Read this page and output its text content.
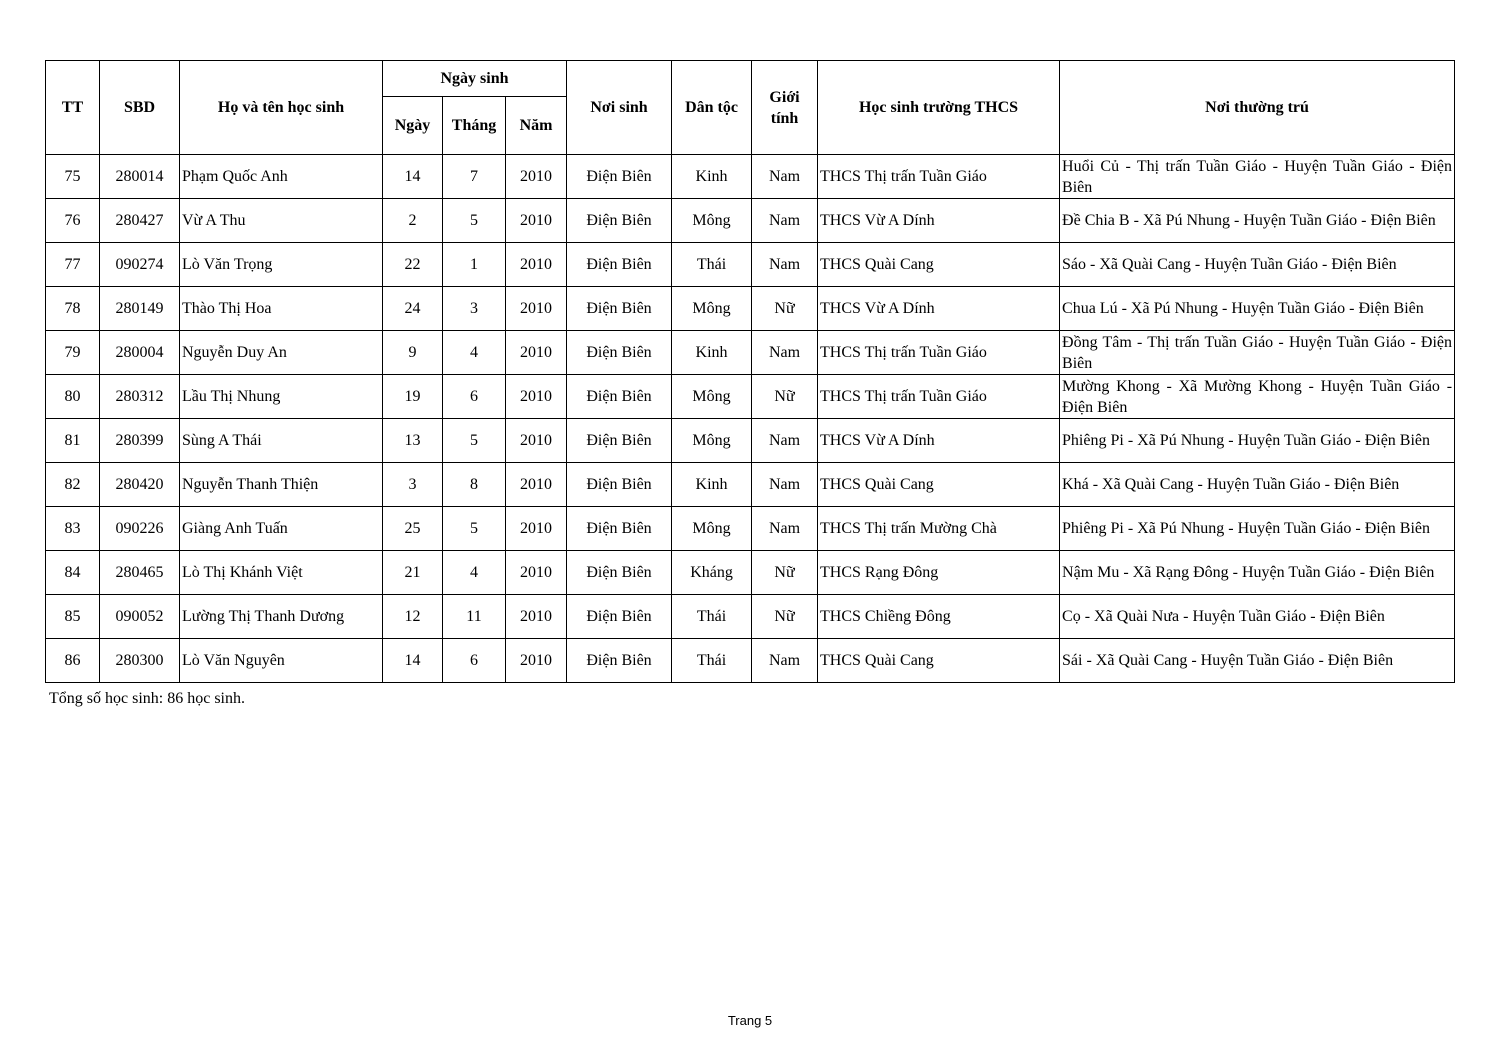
TT	SBD	Họ và tên học sinh	Ngày sinh			Nơi sinh	Dân tộc	Giới tính	Học sinh trường THCS	Nơi thường trú
			Ngày	Tháng	Năm					
75	280014	Phạm Quốc Anh	14	7	2010	Điện Biên	Kinh	Nam	THCS Thị trấn Tuần Giáo	Huổi Củ - Thị trấn Tuần Giáo - Huyện Tuần Giáo - Điện Biên
76	280427	Vừ A Thu	2	5	2010	Điện Biên	Mông	Nam	THCS Vừ A Dính	Đề Chia B - Xã Pú Nhung - Huyện Tuần Giáo - Điện Biên
77	090274	Lò Văn Trọng	22	1	2010	Điện Biên	Thái	Nam	THCS Quài Cang	Sáo - Xã Quài Cang - Huyện Tuần Giáo - Điện Biên
78	280149	Thào Thị Hoa	24	3	2010	Điện Biên	Mông	Nữ	THCS Vừ A Dính	Chua Lú - Xã Pú Nhung - Huyện Tuần Giáo - Điện Biên
79	280004	Nguyễn Duy An	9	4	2010	Điện Biên	Kinh	Nam	THCS Thị trấn Tuần Giáo	Đồng Tâm - Thị trấn Tuần Giáo - Huyện Tuần Giáo - Điện Biên
80	280312	Lầu Thị Nhung	19	6	2010	Điện Biên	Mông	Nữ	THCS Thị trấn Tuần Giáo	Mường Khong - Xã Mường Khong - Huyện Tuần Giáo - Điện Biên
81	280399	Sùng A Thái	13	5	2010	Điện Biên	Mông	Nam	THCS Vừ A Dính	Phiêng Pi - Xã Pú Nhung - Huyện Tuần Giáo - Điện Biên
82	280420	Nguyễn Thanh Thiện	3	8	2010	Điện Biên	Kinh	Nam	THCS Quài Cang	Khá - Xã Quài Cang - Huyện Tuần Giáo - Điện Biên
83	090226	Giàng Anh Tuấn	25	5	2010	Điện Biên	Mông	Nam	THCS Thị trấn Mường Chà	Phiêng Pi - Xã Pú Nhung - Huyện Tuần Giáo - Điện Biên
84	280465	Lò Thị Khánh Việt	21	4	2010	Điện Biên	Kháng	Nữ	THCS Rạng Đông	Nậm Mu - Xã Rạng Đông - Huyện Tuần Giáo - Điện Biên
85	090052	Lường Thị Thanh Dương	12	11	2010	Điện Biên	Thái	Nữ	THCS Chiềng Đông	Cọ - Xã Quài Nưa - Huyện Tuần Giáo - Điện Biên
86	280300	Lò Văn Nguyên	14	6	2010	Điện Biên	Thái	Nam	THCS Quài Cang	Sái - Xã Quài Cang - Huyện Tuần Giáo - Điện Biên
Tổng số học sinh: 86 học sinh.
Trang 5
